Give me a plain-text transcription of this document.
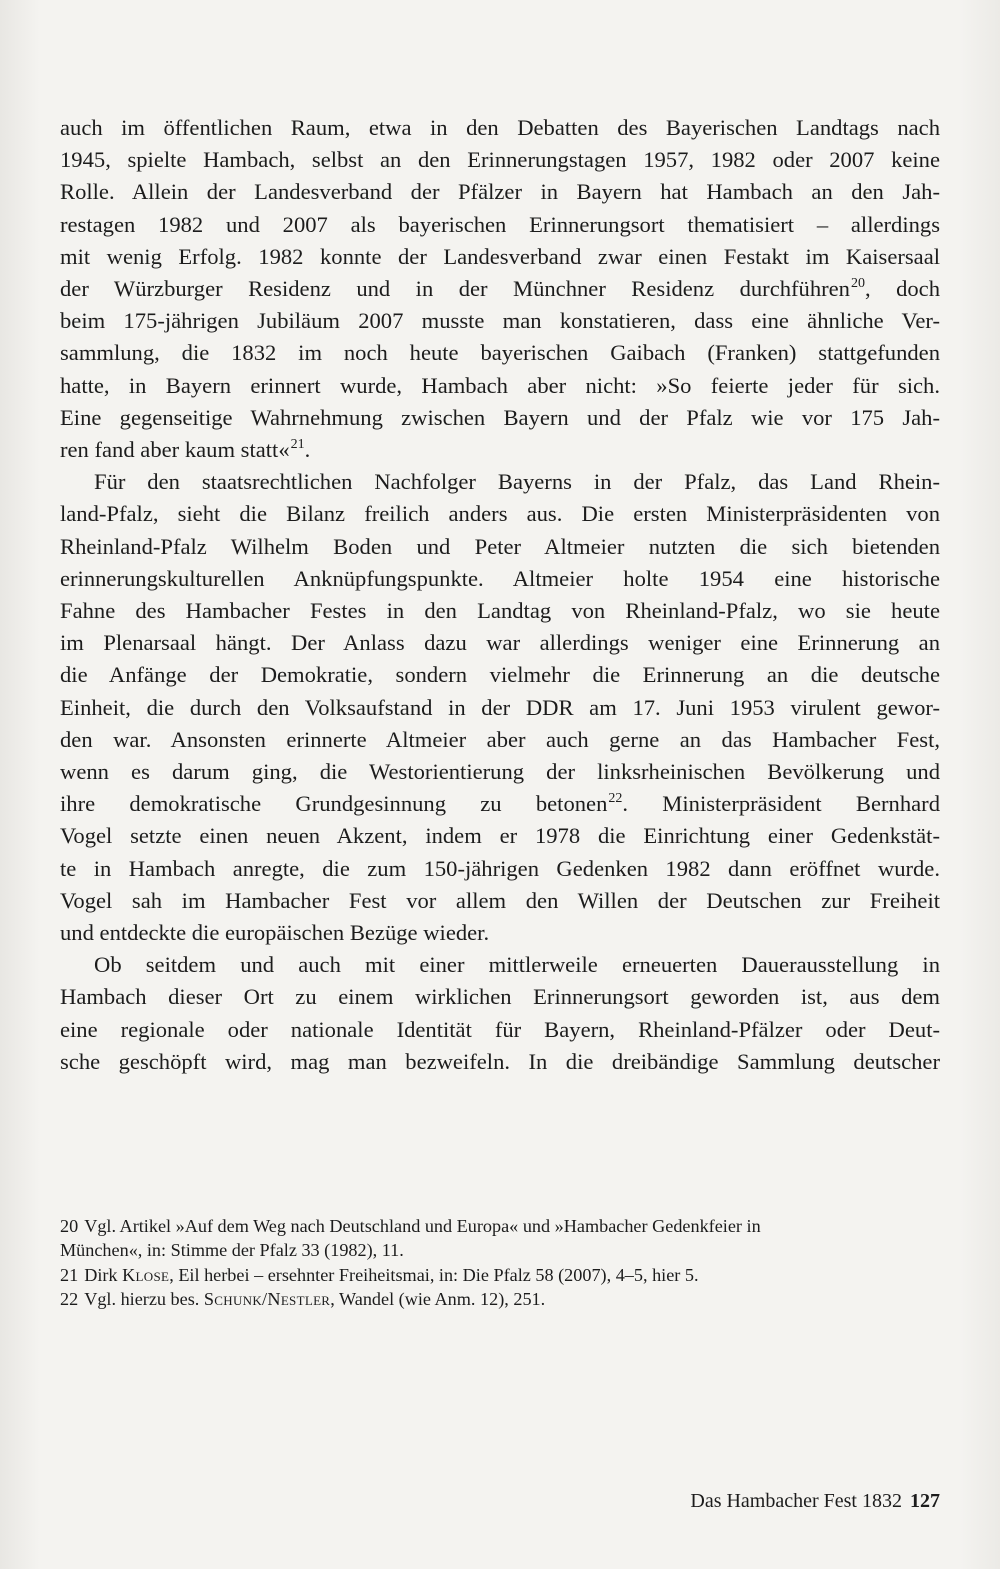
auch im öffentlichen Raum, etwa in den Debatten des Bayerischen Landtags nach
1945, spielte Hambach, selbst an den Erinnerungstagen 1957, 1982 oder 2007 keine
Rolle. Allein der Landesverband der Pfälzer in Bayern hat Hambach an den Jah-
restagen 1982 und 2007 als bayerischen Erinnerungsort thematisiert – allerdings
mit wenig Erfolg. 1982 konnte der Landesverband zwar einen Festakt im Kaisersaal
der Würzburger Residenz und in der Münchner Residenz durchführen$^{20}$, doch
beim 175-jährigen Jubiläum 2007 musste man konstatieren, dass eine ähnliche Ver-
sammlung, die 1832 im noch heute bayerischen Gaibach (Franken) stattgefunden
hatte, in Bayern erinnert wurde, Hambach aber nicht: »So feierte jeder für sich.
Eine gegenseitige Wahrnehmung zwischen Bayern und der Pfalz wie vor 175 Jah-
ren fand aber kaum statt«$^{21}$.

Für den staatsrechtlichen Nachfolger Bayerns in der Pfalz, das Land Rhein-
land-Pfalz, sieht die Bilanz freilich anders aus. Die ersten Ministerpräsidenten von
Rheinland-Pfalz Wilhelm Boden und Peter Altmeier nutzten die sich bietenden
erinnerungskulturellen Anknüpfungspunkte. Altmeier holte 1954 eine historische
Fahne des Hambacher Festes in den Landtag von Rheinland-Pfalz, wo sie heute
im Plenarsaal hängt. Der Anlass dazu war allerdings weniger eine Erinnerung an
die Anfänge der Demokratie, sondern vielmehr die Erinnerung an die deutsche
Einheit, die durch den Volksaufstand in der DDR am 17. Juni 1953 virulent gewor-
den war. Ansonsten erinnerte Altmeier aber auch gerne an das Hambacher Fest,
wenn es darum ging, die Westorientierung der linksrheinischen Bevölkerung und
ihre demokratische Grundgesinnung zu betonen$^{22}$. Ministerpräsident Bernhard
Vogel setzte einen neuen Akzent, indem er 1978 die Einrichtung einer Gedenkstät-
te in Hambach anregte, die zum 150-jährigen Gedenken 1982 dann eröffnet wurde.
Vogel sah im Hambacher Fest vor allem den Willen der Deutschen zur Freiheit
und entdeckte die europäischen Bezüge wieder.

Ob seitdem und auch mit einer mittlerweile erneuerten Dauerausstellung in
Hambach dieser Ort zu einem wirklichen Erinnerungsort geworden ist, aus dem
eine regionale oder nationale Identität für Bayern, Rheinland-Pfälzer oder Deut-
sche geschöpft wird, mag man bezweifeln. In die dreibändige Sammlung deutscher

20 Vgl. Artikel »Auf dem Weg nach Deutschland und Europa« und »Hambacher Gedenkfeier in
München«, in: Stimme der Pfalz 33 (1982), 11.
21 Dirk Klose, Eil herbei – ersehnter Freiheitsmai, in: Die Pfalz 58 (2007), 4–5, hier 5.
22 Vgl. hierzu bes. Schunk/Nestler, Wandel (wie Anm. 12), 251.
Das Hambacher Fest 1832 127
